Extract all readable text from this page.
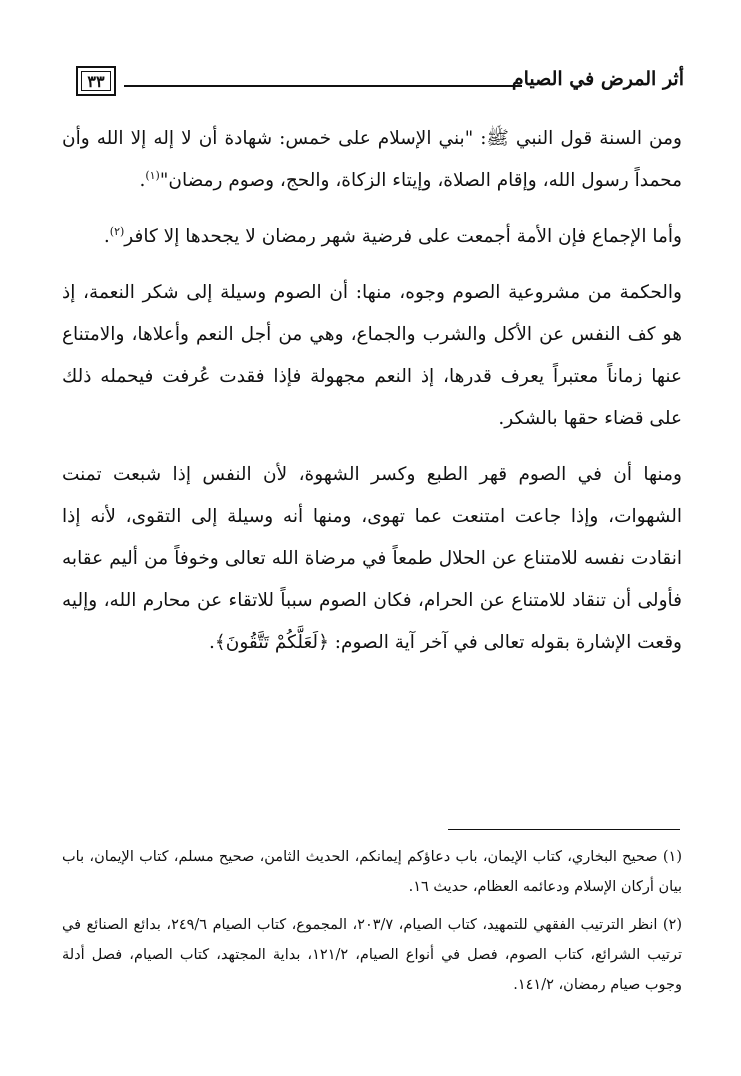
أثر المرض في الصيام
٣٣

ومن السنة قول النبي ﷺ: "بني الإسلام على خمس: شهادة أن لا إله إلا الله وأن محمداً رسول الله، وإقام الصلاة، وإيتاء الزكاة، والحج، وصوم رمضان"$^{(١)}$.

وأما الإجماع فإن الأمة أجمعت على فرضية شهر رمضان لا يجحدها إلا كافر$^{(٢)}$.

والحكمة من مشروعية الصوم وجوه، منها: أن الصوم وسيلة إلى شكر النعمة، إذ هو كف النفس عن الأكل والشرب والجماع، وهي من أجل النعم وأعلاها، والامتناع عنها زماناً معتبراً يعرف قدرها، إذ النعم مجهولة فإذا فقدت عُرفت فيحمله ذلك على قضاء حقها بالشكر.

ومنها أن في الصوم قهر الطبع وكسر الشهوة، لأن النفس إذا شبعت تمنت الشهوات، وإذا جاعت امتنعت عما تهوى، ومنها أنه وسيلة إلى التقوى، لأنه إذا انقادت نفسه للامتناع عن الحلال طمعاً في مرضاة الله تعالى وخوفاً من أليم عقابه فأولى أن تنقاد للامتناع عن الحرام، فكان الصوم سبباً للاتقاء عن محارم الله، وإليه وقعت الإشارة بقوله تعالى في آخر آية الصوم: ﴿لَعَلَّكُمْ تَتَّقُونَ﴾.

(١) صحيح البخاري، كتاب الإيمان، باب دعاؤكم إيمانكم، الحديث الثامن، صحيح مسلم، كتاب الإيمان، باب بيان أركان الإسلام ودعائمه العظام، حديث ١٦.

(٢) انظر الترتيب الفقهي للتمهيد، كتاب الصيام، ٢٠٣/٧، المجموع، كتاب الصيام ٢٤٩/٦، بدائع الصنائع في ترتيب الشرائع، كتاب الصوم، فصل في أنواع الصيام، ١٢١/٢، بداية المجتهد، كتاب الصيام، فصل أدلة وجوب صيام رمضان، ١٤١/٢.
